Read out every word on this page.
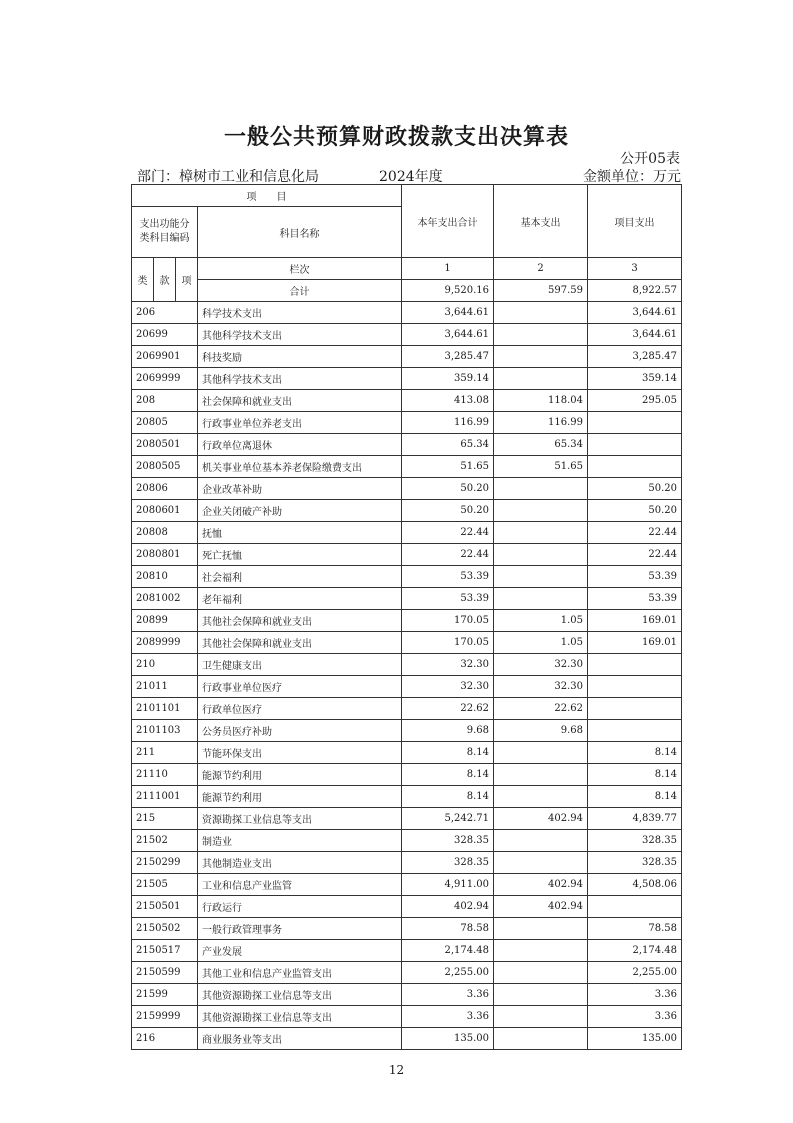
一般公共预算财政拨款支出决算表
公开05表
部门：樟树市工业和信息化局	2024年度	金额单位：万元
项　　目				本年支出合计	基本支出	项目支出
支出功能分类科目编码			科目名称			

类	款	项	栏次	1	2	3
			合计	9,520.16	597.59	8,922.57
206			科学技术支出	3,644.61		3,644.61
20699			其他科学技术支出	3,644.61		3,644.61
2069901			科技奖励	3,285.47		3,285.47
2069999			其他科学技术支出	359.14		359.14
208			社会保障和就业支出	413.08	118.04	295.05
20805			行政事业单位养老支出	116.99	116.99	
2080501			行政单位离退休	65.34	65.34	
2080505			机关事业单位基本养老保险缴费支出	51.65	51.65	
20806			企业改革补助	50.20		50.20
2080601			企业关闭破产补助	50.20		50.20
20808			抚恤	22.44		22.44
2080801			死亡抚恤	22.44		22.44
20810			社会福利	53.39		53.39
2081002			老年福利	53.39		53.39
20899			其他社会保障和就业支出	170.05	1.05	169.01
2089999			其他社会保障和就业支出	170.05	1.05	169.01
210			卫生健康支出	32.30	32.30	
21011			行政事业单位医疗	32.30	32.30	
2101101			行政单位医疗	22.62	22.62	
2101103			公务员医疗补助	9.68	9.68	
211			节能环保支出	8.14		8.14
21110			能源节约利用	8.14		8.14
2111001			能源节约利用	8.14		8.14
215			资源勘探工业信息等支出	5,242.71	402.94	4,839.77
21502			制造业	328.35		328.35
2150299			其他制造业支出	328.35		328.35
21505			工业和信息产业监管	4,911.00	402.94	4,508.06
2150501			行政运行	402.94	402.94	
2150502			一般行政管理事务	78.58		78.58
2150517			产业发展	2,174.48		2,174.48
2150599			其他工业和信息产业监管支出	2,255.00		2,255.00
21599			其他资源勘探工业信息等支出	3.36		3.36
2159999			其他资源勘探工业信息等支出	3.36		3.36
216			商业服务业等支出	135.00		135.00
12
